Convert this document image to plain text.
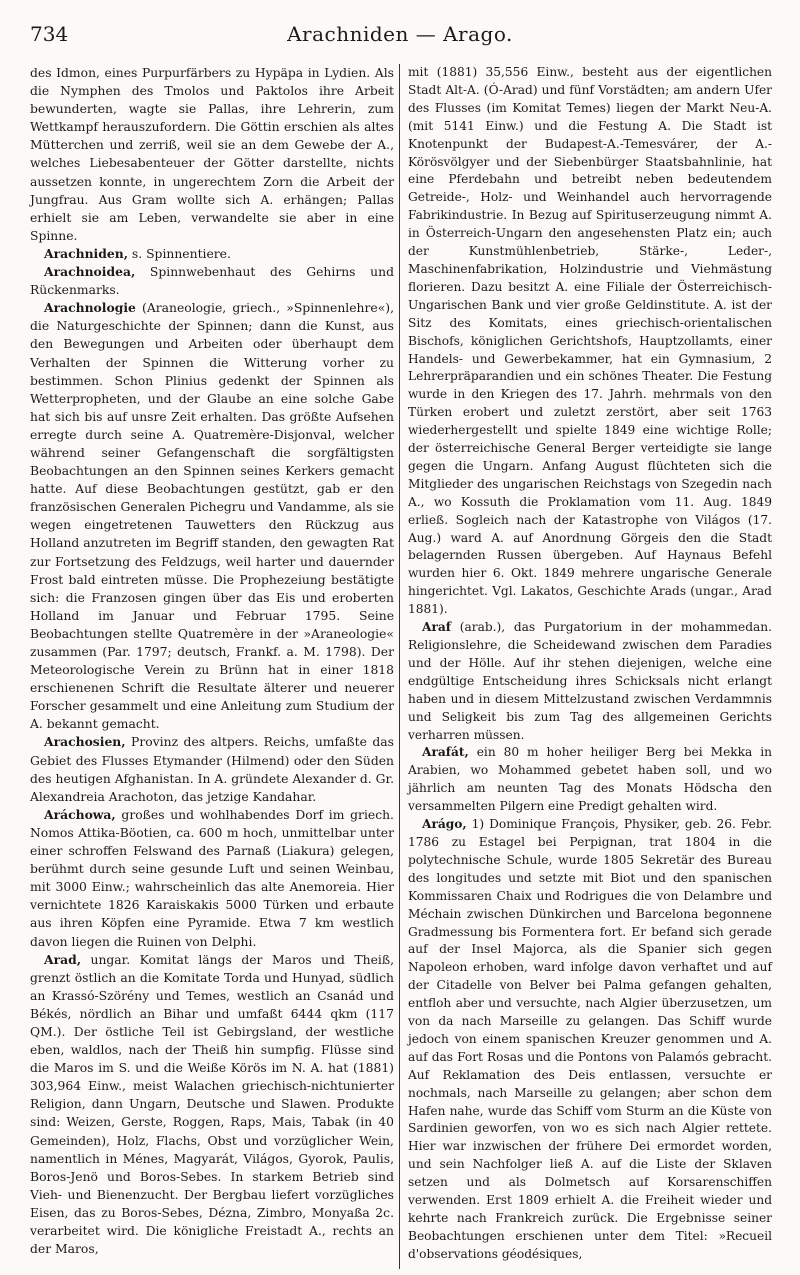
734	Arachniden — Arago.

des Idmon, eines Purpurfärbers zu Hypäpa in Lydien. Als die Nymphen des Tmolos und Paktolos ihre Arbeit bewunderten, wagte sie Pallas, ihre Lehrerin, zum Wettkampf herauszufordern. Die Göttin erschien als altes Mütterchen und zerriß, weil sie an dem Gewebe der A., welches Liebesabenteuer der Götter darstellte, nichts aussetzen konnte, in ungerechtem Zorn die Arbeit der Jungfrau. Aus Gram wollte sich A. erhängen; Pallas erhielt sie am Leben, verwandelte sie aber in eine Spinne.

Arachniden, s. Spinnentiere.

Arachnoidea, Spinnwebenhaut des Gehirns und Rückenmarks.

Arachnologie (Araneologie, griech., »Spinnenlehre«), die Naturgeschichte der Spinnen; dann die Kunst, aus den Bewegungen und Arbeiten oder überhaupt dem Verhalten der Spinnen die Witterung vorher zu bestimmen. Schon Plinius gedenkt der Spinnen als Wetterpropheten, und der Glaube an eine solche Gabe hat sich bis auf unsre Zeit erhalten. Das größte Aufsehen erregte durch seine A. Quatremère-Disjonval, welcher während seiner Gefangenschaft die sorgfältigsten Beobachtungen an den Spinnen seines Kerkers gemacht hatte. Auf diese Beobachtungen gestützt, gab er den französischen Generalen Pichegru und Vandamme, als sie wegen eingetretenen Tauwetters den Rückzug aus Holland anzutreten im Begriff standen, den gewagten Rat zur Fortsetzung des Feldzugs, weil harter und dauernder Frost bald eintreten müsse. Die Prophezeiung bestätigte sich: die Franzosen gingen über das Eis und eroberten Holland im Januar und Februar 1795. Seine Beobachtungen stellte Quatremère in der »Araneologie« zusammen (Par. 1797; deutsch, Frankf. a. M. 1798). Der Meteorologische Verein zu Brünn hat in einer 1818 erschienenen Schrift die Resultate älterer und neuerer Forscher gesammelt und eine Anleitung zum Studium der A. bekannt gemacht.

Arachosien, Provinz des altpers. Reichs, umfaßte das Gebiet des Flusses Etymander (Hilmend) oder den Süden des heutigen Afghanistan. In A. gründete Alexander d. Gr. Alexandreia Arachoton, das jetzige Kandahar.

Aráchowa, großes und wohlhabendes Dorf im griech. Nomos Attika-Böotien, ca. 600 m hoch, unmittelbar unter einer schroffen Felswand des Parnaß (Liakura) gelegen, berühmt durch seine gesunde Luft und seinen Weinbau, mit 3000 Einw.; wahrscheinlich das alte Anemoreia. Hier vernichtete 1826 Karaiskakis 5000 Türken und erbaute aus ihren Köpfen eine Pyramide. Etwa 7 km westlich davon liegen die Ruinen von Delphi.

Arad, ungar. Komitat längs der Maros und Theiß, grenzt östlich an die Komitate Torda und Hunyad, südlich an Krassó-Szörény und Temes, westlich an Csanád und Békés, nördlich an Bihar und umfaßt 6444 qkm (117 QM.). Der östliche Teil ist Gebirgsland, der westliche eben, waldlos, nach der Theiß hin sumpfig. Flüsse sind die Maros im S. und die Weiße Körös im N. A. hat (1881) 303,964 Einw., meist Walachen griechisch-nichtunierter Religion, dann Ungarn, Deutsche und Slawen. Produkte sind: Weizen, Gerste, Roggen, Raps, Mais, Tabak (in 40 Gemeinden), Holz, Flachs, Obst und vorzüglicher Wein, namentlich in Ménes, Magyarát, Világos, Gyorok, Paulis, Boros-Jenö und Boros-Sebes. In starkem Betrieb sind Vieh- und Bienenzucht. Der Bergbau liefert vorzügliches Eisen, das zu Boros-Sebes, Dézna, Zimbro, Monyaßa 2c. verarbeitet wird. Die königliche Freistadt A., rechts an der Maros,

mit (1881) 35,556 Einw., besteht aus der eigentlichen Stadt Alt-A. (Ó-Arad) und fünf Vorstädten; am andern Ufer des Flusses (im Komitat Temes) liegen der Markt Neu-A. (mit 5141 Einw.) und die Festung A. Die Stadt ist Knotenpunkt der Budapest-A.-Temesvárer, der A.-Körösvölgyer und der Siebenbürger Staatsbahnlinie, hat eine Pferdebahn und betreibt neben bedeutendem Getreide-, Holz- und Weinhandel auch hervorragende Fabrikindustrie. In Bezug auf Spirituserzeugung nimmt A. in Österreich-Ungarn den angesehensten Platz ein; auch der Kunstmühlenbetrieb, Stärke-, Leder-, Maschinenfabrikation, Holzindustrie und Viehmästung florieren. Dazu besitzt A. eine Filiale der Österreichisch-Ungarischen Bank und vier große Geldinstitute. A. ist der Sitz des Komitats, eines griechisch-orientalischen Bischofs, königlichen Gerichtshofs, Hauptzollamts, einer Handels- und Gewerbekammer, hat ein Gymnasium, 2 Lehrerpräparandien und ein schönes Theater. Die Festung wurde in den Kriegen des 17. Jahrh. mehrmals von den Türken erobert und zuletzt zerstört, aber seit 1763 wiederhergestellt und spielte 1849 eine wichtige Rolle; der österreichische General Berger verteidigte sie lange gegen die Ungarn. Anfang August flüchteten sich die Mitglieder des ungarischen Reichstags von Szegedin nach A., wo Kossuth die Proklamation vom 11. Aug. 1849 erließ. Sogleich nach der Katastrophe von Világos (17. Aug.) ward A. auf Anordnung Görgeis den die Stadt belagernden Russen übergeben. Auf Haynaus Befehl wurden hier 6. Okt. 1849 mehrere ungarische Generale hingerichtet. Vgl. Lakatos, Geschichte Arads (ungar., Arad 1881).

Araf (arab.), das Purgatorium in der mohammedan. Religionslehre, die Scheidewand zwischen dem Paradies und der Hölle. Auf ihr stehen diejenigen, welche eine endgültige Entscheidung ihres Schicksals nicht erlangt haben und in diesem Mittelzustand zwischen Verdammnis und Seligkeit bis zum Tag des allgemeinen Gerichts verharren müssen.

Arafát, ein 80 m hoher heiliger Berg bei Mekka in Arabien, wo Mohammed gebetet haben soll, und wo jährlich am neunten Tag des Monats Hödscha den versammelten Pilgern eine Predigt gehalten wird.

Arágo, 1) Dominique François, Physiker, geb. 26. Febr. 1786 zu Estagel bei Perpignan, trat 1804 in die polytechnische Schule, wurde 1805 Sekretär des Bureau des longitudes und setzte mit Biot und den spanischen Kommissaren Chaix und Rodrigues die von Delambre und Méchain zwischen Dünkirchen und Barcelona begonnene Gradmessung bis Formentera fort. Er befand sich gerade auf der Insel Majorca, als die Spanier sich gegen Napoleon erhoben, ward infolge davon verhaftet und auf der Citadelle von Belver bei Palma gefangen gehalten, entfloh aber und versuchte, nach Algier überzusetzen, um von da nach Marseille zu gelangen. Das Schiff wurde jedoch von einem spanischen Kreuzer genommen und A. auf das Fort Rosas und die Pontons von Palamós gebracht. Auf Reklamation des Deis entlassen, versuchte er nochmals, nach Marseille zu gelangen; aber schon dem Hafen nahe, wurde das Schiff vom Sturm an die Küste von Sardinien geworfen, von wo es sich nach Algier rettete. Hier war inzwischen der frühere Dei ermordet worden, und sein Nachfolger ließ A. auf die Liste der Sklaven setzen und als Dolmetsch auf Korsarenschiffen verwenden. Erst 1809 erhielt A. die Freiheit wieder und kehrte nach Frankreich zurück. Die Ergebnisse seiner Beobachtungen erschienen unter dem Titel: »Recueil d'observations géodésiques,
